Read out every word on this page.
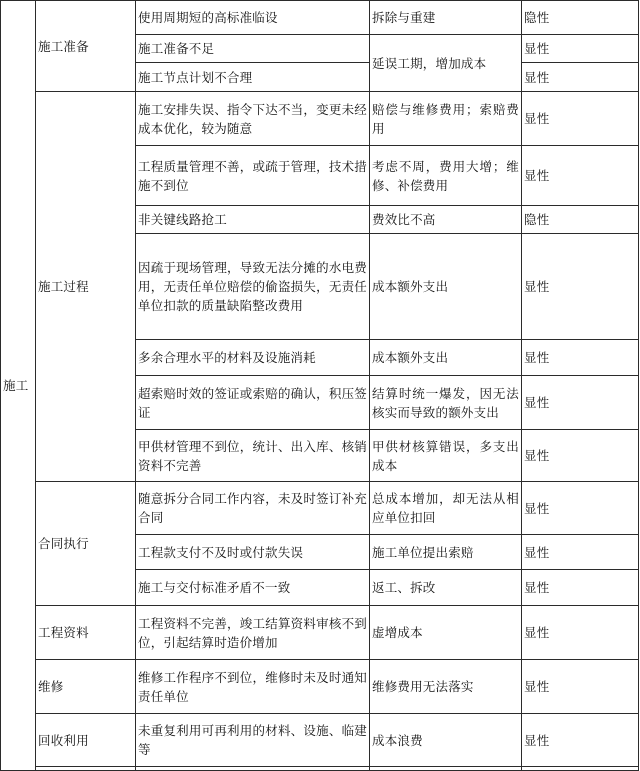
施工	施工准备	使用周期短的高标准临设	拆除与重建	隐性
		施工准备不足	延误工期，增加成本	显性
		施工节点计划不合理		显性
	施工过程	施工安排失误、指令下达不当，变更未经成本优化，较为随意	赔偿与维修费用；索赔费用	显性
		工程质量管理不善，或疏于管理，技术措施不到位	考虑不周，费用大增；维修、补偿费用	显性
		非关键线路抢工	费效比不高	隐性
		因疏于现场管理，导致无法分摊的水电费用，无责任单位赔偿的偷盗损失，无责任单位扣款的质量缺陷整改费用	成本额外支出	显性
		多余合理水平的材料及设施消耗	成本额外支出	显性
		超索赔时效的签证或索赔的确认，积压签证	结算时统一爆发，因无法核实而导致的额外支出	显性
		甲供材管理不到位，统计、出入库、核销资料不完善	甲供材核算错误，多支出成本	显性
	合同执行	随意拆分合同工作内容，未及时签订补充合同	总成本增加，却无法从相应单位扣回	显性
		工程款支付不及时或付款失误	施工单位提出索赔	显性
		施工与交付标准矛盾不一致	返工、拆改	显性
	工程资料	工程资料不完善，竣工结算资料审核不到位，引起结算时造价增加	虚增成本	显性
	维修	维修工作程序不到位，维修时未及时通知责任单位	维修费用无法落实	显性
	回收利用	未重复利用可再利用的材料、设施、临建等	成本浪费	显性
